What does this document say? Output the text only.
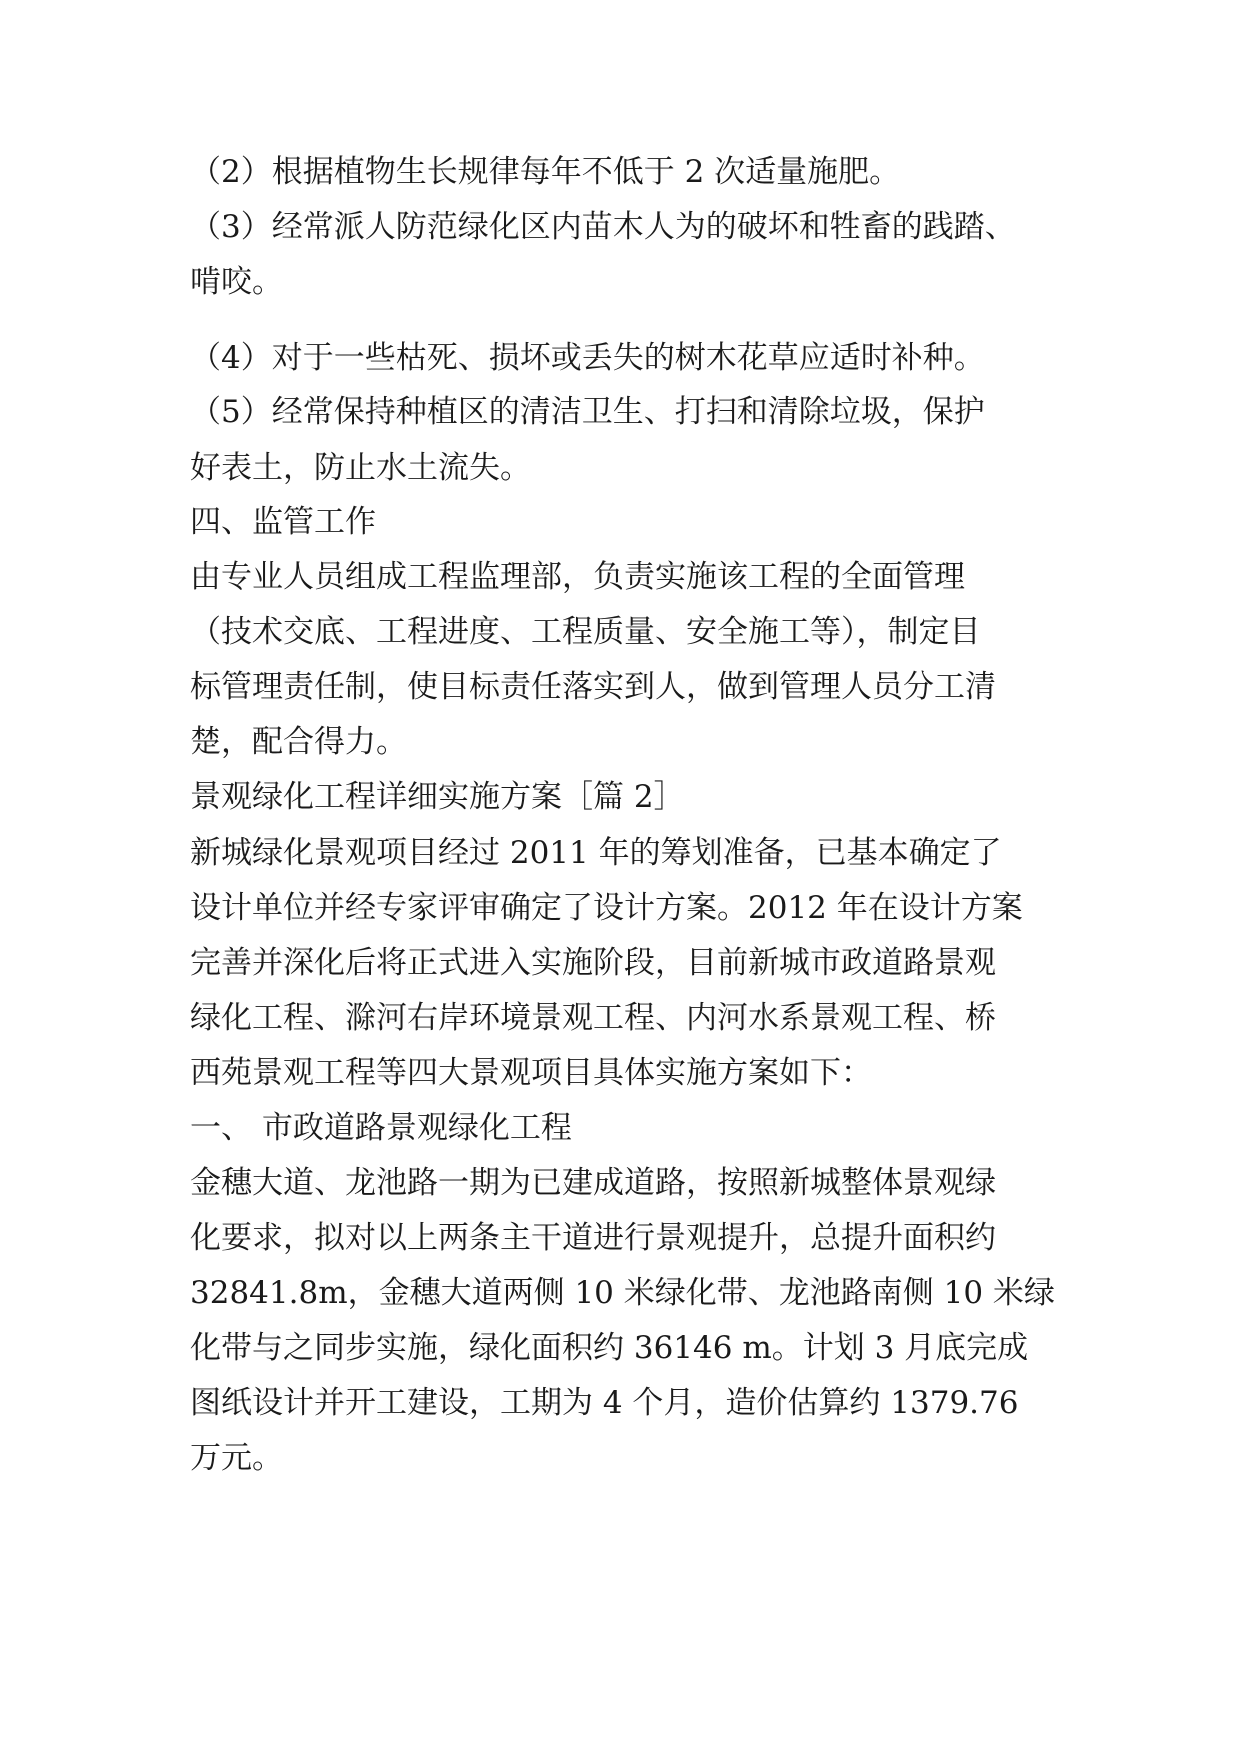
（2）根据植物生长规律每年不低于 2 次适量施肥。
（3）经常派人防范绿化区内苗木人为的破坏和牲畜的践踏、
啃咬。
（4）对于一些枯死、损坏或丢失的树木花草应适时补种。
（5）经常保持种植区的清洁卫生、打扫和清除垃圾，保护
好表土，防止水土流失。
四、监管工作
由专业人员组成工程监理部，负责实施该工程的全面管理
（技术交底、工程进度、工程质量、安全施工等），制定目
标管理责任制，使目标责任落实到人，做到管理人员分工清
楚，配合得力。
景观绿化工程详细实施方案［篇 2］
新城绿化景观项目经过 2011 年的筹划准备，已基本确定了
设计单位并经专家评审确定了设计方案。2012 年在设计方案
完善并深化后将正式进入实施阶段，目前新城市政道路景观
绿化工程、滁河右岸环境景观工程、内河水系景观工程、桥
西苑景观工程等四大景观项目具体实施方案如下：
一、 市政道路景观绿化工程
金穗大道、龙池路一期为已建成道路，按照新城整体景观绿
化要求，拟对以上两条主干道进行景观提升，总提升面积约
32841.8m，金穗大道两侧 10 米绿化带、龙池路南侧 10 米绿
化带与之同步实施，绿化面积约 36146 m。计划 3 月底完成
图纸设计并开工建设，工期为 4 个月，造价估算约 1379.76
万元。
